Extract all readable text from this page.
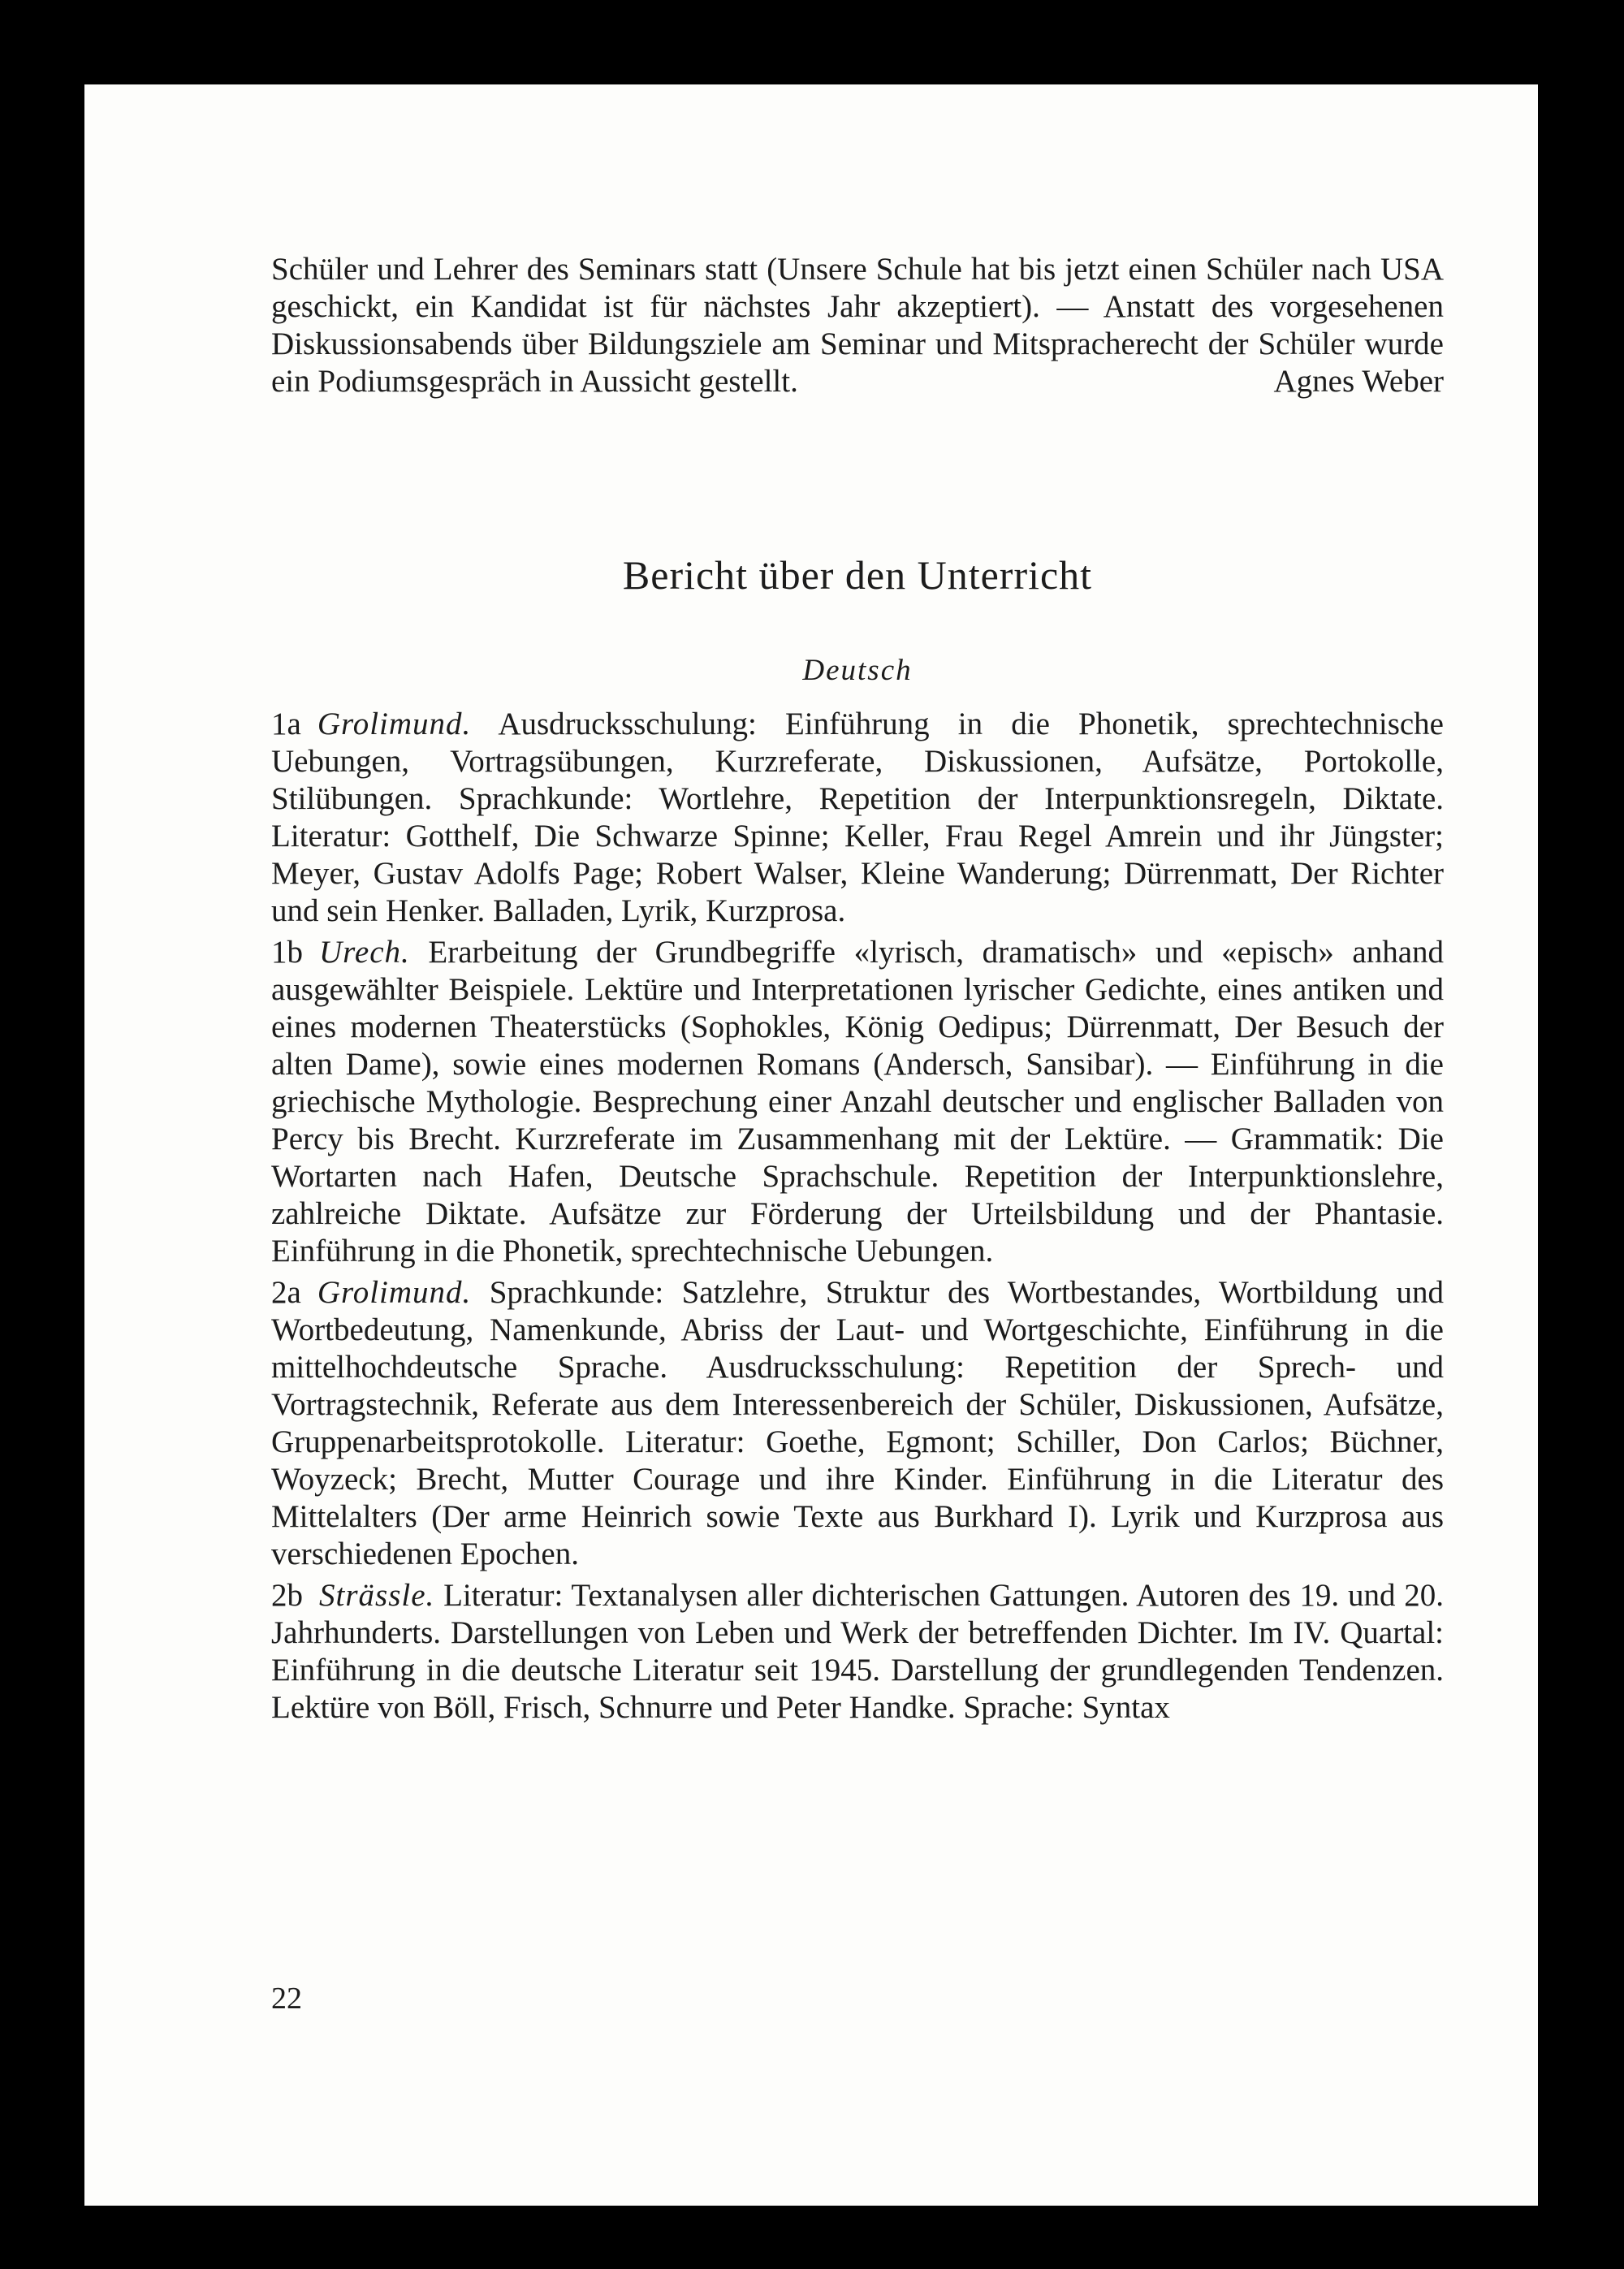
Schüler und Lehrer des Seminars statt (Unsere Schule hat bis jetzt einen Schüler nach USA geschickt, ein Kandidat ist für nächstes Jahr akzeptiert). — Anstatt des vorgesehenen Diskussionsabends über Bildungsziele am Seminar und Mitspracherecht der Schüler wurde ein Podiumsgespräch in Aussicht gestellt.	Agnes Weber
Bericht über den Unterricht
Deutsch
1a Grolimund. Ausdrucksschulung: Einführung in die Phonetik, sprechtechnische Uebungen, Vortragsübungen, Kurzreferate, Diskussionen, Aufsätze, Portokolle, Stilübungen. Sprachkunde: Wortlehre, Repetition der Interpunktionsregeln, Diktate. Literatur: Gotthelf, Die Schwarze Spinne; Keller, Frau Regel Amrein und ihr Jüngster; Meyer, Gustav Adolfs Page; Robert Walser, Kleine Wanderung; Dürrenmatt, Der Richter und sein Henker. Balladen, Lyrik, Kurzprosa.
1b Urech. Erarbeitung der Grundbegriffe «lyrisch, dramatisch» und «episch» anhand ausgewählter Beispiele. Lektüre und Interpretationen lyrischer Gedichte, eines antiken und eines modernen Theaterstücks (Sophokles, König Oedipus; Dürrenmatt, Der Besuch der alten Dame), sowie eines modernen Romans (Andersch, Sansibar). — Einführung in die griechische Mythologie. Besprechung einer Anzahl deutscher und englischer Balladen von Percy bis Brecht. Kurzreferate im Zusammenhang mit der Lektüre. — Grammatik: Die Wortarten nach Hafen, Deutsche Sprachschule. Repetition der Interpunktionslehre, zahlreiche Diktate. Aufsätze zur Förderung der Urteilsbildung und der Phantasie. Einführung in die Phonetik, sprechtechnische Uebungen.
2a Grolimund. Sprachkunde: Satzlehre, Struktur des Wortbestandes, Wortbildung und Wortbedeutung, Namenkunde, Abriss der Laut- und Wortgeschichte, Einführung in die mittelhochdeutsche Sprache. Ausdrucksschulung: Repetition der Sprech- und Vortragstechnik, Referate aus dem Interessenbereich der Schüler, Diskussionen, Aufsätze, Gruppenarbeitsprotokolle. Literatur: Goethe, Egmont; Schiller, Don Carlos; Büchner, Woyzeck; Brecht, Mutter Courage und ihre Kinder. Einführung in die Literatur des Mittelalters (Der arme Heinrich sowie Texte aus Burkhard I). Lyrik und Kurzprosa aus verschiedenen Epochen.
2b Strässle. Literatur: Textanalysen aller dichterischen Gattungen. Autoren des 19. und 20. Jahrhunderts. Darstellungen von Leben und Werk der betreffenden Dichter. Im IV. Quartal: Einführung in die deutsche Literatur seit 1945. Darstellung der grundlegenden Tendenzen. Lektüre von Böll, Frisch, Schnurre und Peter Handke. Sprache: Syntax
22
